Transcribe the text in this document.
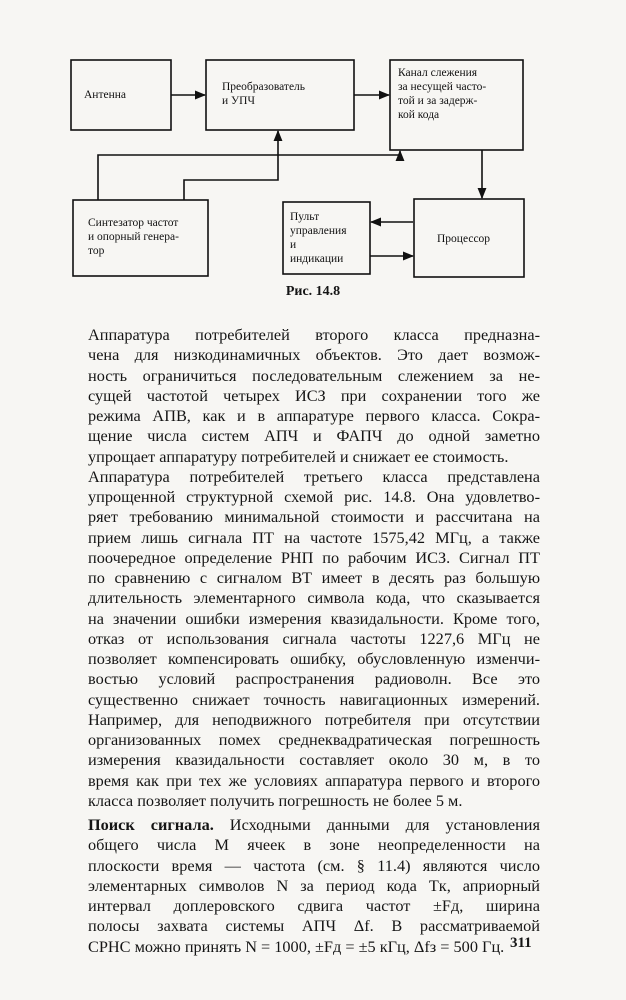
Антенна
Преобразователь
и УПЧ
Канал слежения
за несущей часто-
той и за задерж-
кой кода
Синтезатор частот
и опорный генера-
тор
Пульт
управления
и
индикации
Процессор
Рис. 14.8

Аппаратура потребителей второго класса предназна-
чена для низкодинамичных объектов. Это дает возмож-
ность ограничиться последовательным слежением за не-
сущей частотой четырех ИСЗ при сохранении того же
режима АПВ, как и в аппаратуре первого класса. Сокра-
щение числа систем АПЧ и ФАПЧ до одной заметно
упрощает аппаратуру потребителей и снижает ее стоимость.

Аппаратура потребителей третьего класса представлена
упрощенной структурной схемой рис. 14.8. Она удовлетво-
ряет требованию минимальной стоимости и рассчитана на
прием лишь сигнала ПТ на частоте 1575,42 МГц, а также
поочередное определение РНП по рабочим ИСЗ. Сигнал ПТ
по сравнению с сигналом ВТ имеет в десять раз большую
длительность элементарного символа кода, что сказывается
на значении ошибки измерения квазидальности. Кроме того,
отказ от использования сигнала частоты 1227,6 МГц не
позволяет компенсировать ошибку, обусловленную изменчи-
востью условий распространения радиоволн. Все это
существенно снижает точность навигационных измерений.
Например, для неподвижного потребителя при отсутствии
организованных помех среднеквадратическая погрешность
измерения квазидальности составляет около 30 м, в то
время как при тех же условиях аппаратура первого и второго
класса позволяет получить погрешность не более 5 м.

Поиск сигнала. Исходными данными для установления
общего числа M ячеек в зоне неопределенности на
плоскости время — частота (см. § 11.4) являются число
элементарных символов N за период кода Tк, априорный
интервал доплеровского сдвига частот ±Fд, ширина
полосы захвата системы АПЧ Δf. В рассматриваемой
СРНС можно принять N = 1000, ±Fд = ±5 кГц, Δfз = 500 Гц. 311
